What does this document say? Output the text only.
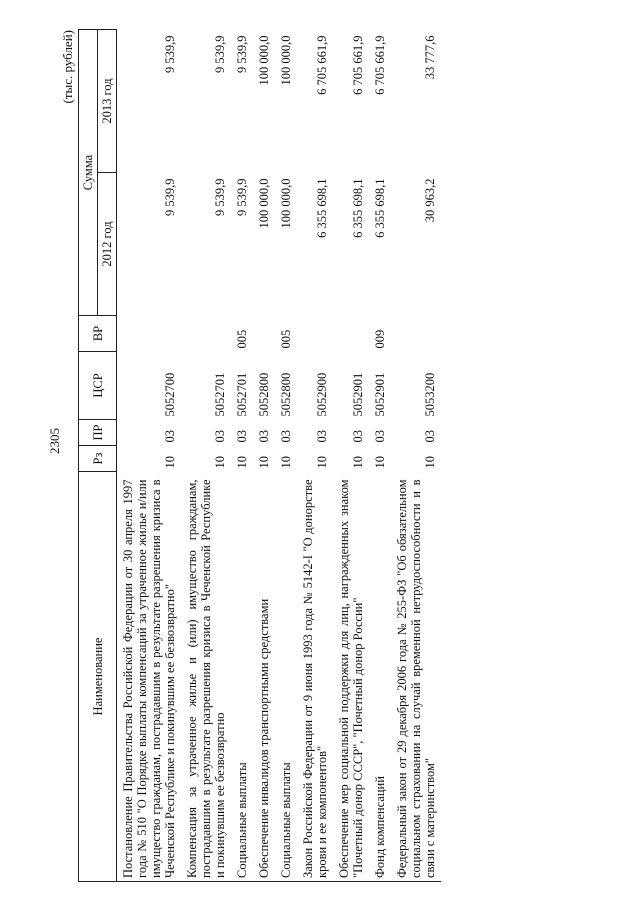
2305
(тыс. рублей)
Наименование	Рз	ПР	ЦСР	ВР	Сумма	
					2012 год	2013 год
Постановление Правительства Российской Федерации от 30 апреля 1997 года № 510 "О Порядке выплаты компенсаций за утраченное жилье и/или имущество гражданам, пострадавшим в результате разрешения кризиса в Чеченской Республике и покинувшим ее безвозвратно"	10	03	5052700		9 539,9	9 539,9
Компенсация за утраченное жилье и (или) имущество гражданам, пострадавшим в результате разрешения кризиса в Чеченской Республике и покинувшим ее безвозвратно	10	03	5052701		9 539,9	9 539,9
Социальные выплаты	10	03	5052701	005	9 539,9	9 539,9
Обеспечение инвалидов транспортными средствами	10	03	5052800		100 000,0	100 000,0
Социальные выплаты	10	03	5052800	005	100 000,0	100 000,0
Закон Российской Федерации от 9 июня 1993 года № 5142-I "О донорстве крови и ее компонентов"	10	03	5052900		6 355 698,1	6 705 661,9
Обеспечение мер социальной поддержки для лиц, награжденных знаком "Почетный донор СССР", "Почетный донор России"	10	03	5052901		6 355 698,1	6 705 661,9
Фонд компенсаций	10	03	5052901	009	6 355 698,1	6 705 661,9
Федеральный закон от 29 декабря 2006 года № 255-ФЗ "Об обязательном социальном страховании на случай временной нетрудоспособности и в связи с материнством"	10	03	5053200		30 963,2	33 777,6
